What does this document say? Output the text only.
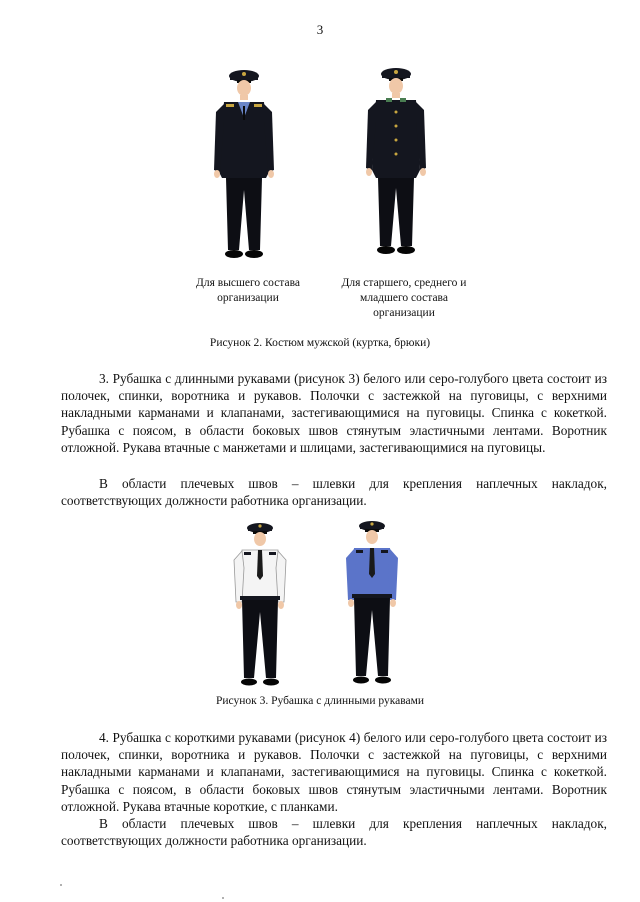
3
Для высшего состава
организации
Для старшего, среднего и
младшего состава
организации
Рисунок 2. Костюм мужской (куртка, брюки)

3. Рубашка с длинными рукавами (рисунок 3) белого или серо-голубого цвета состоит из полочек, спинки, воротника и рукавов. Полочки с застежкой на пуговицы, с верхними накладными карманами и клапанами, застегивающимися на пуговицы. Спинка с кокеткой. Рубашка с поясом, в области боковых швов стянутым эластичными лентами. Воротник отложной. Рукава втачные с манжетами и шлицами, застегивающимися на пуговицы.

В области плечевых швов – шлевки для крепления наплечных накладок, соответствующих должности работника организации.

Рисунок 3. Рубашка с длинными рукавами

4. Рубашка с короткими рукавами (рисунок 4) белого или серо-голубого цвета состоит из полочек, спинки, воротника и рукавов. Полочки с застежкой на пуговицы, с верхними накладными карманами и клапанами, застегивающимися на пуговицы. Спинка с кокеткой. Рубашка с поясом, в области боковых швов стянутым эластичными лентами. Воротник отложной. Рукава втачные короткие, с планками.

В области плечевых швов – шлевки для крепления наплечных накладок, соответствующих должности работника организации.
